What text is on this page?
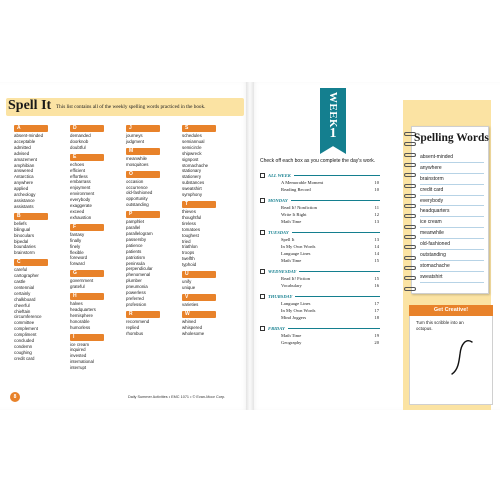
Spell It This list contains all of the weekly spelling words practiced in the book.
A
absent-minded
acceptable
admitted
advised
amazement
amphibian
answered
Antarctica
anywhere
applied
archeology
assistance
assistants
B
beliefs
bilingual
binoculars
bipedal
boundaries
brainstorm
C
careful
cartographer
castle
centennial
certainly
chalkboard
cheerful
chieftain
circumference
committee
complement
compliment
concluded
condemn
coughing
credit card
D
demanded
doorknob
doubtful
E
echoes
efficient
effortless
embarrass
enjoyment
environment
everybody
exaggerate
exceed
exhaustion
F
fantasy
finally
finely
flexible
foreword
forward
G
government
grateful
H
halves
headquarters
hemisphere
honorable
humorless
I
ice cream
inquired
invested
international
interrupt
J
journeys
judgment
M
meanwhile
mosquitoes
O
occasion
occurrence
old-fashioned
opportunity
outstanding
P
pamphlet
parallel
parallelogram
passersby
patience
patients
patriotism
peninsula
perpendicular
phenomenal
plumber
pneumonia
powerless
preferred
profession
R
recommend
replied
rhombus
S
schedules
semiannual
semicircle
shipwreck
signpost
stomachache
stationary
stationery
substances
sweatshirt
symphony
T
thieves
thoughtful
tireless
tomatoes
toughest
tried
triathlon
troops
twelfth
typhoid
U
unify
unique
V
varieties
W
whined
whispered
wholesome
8	Daily Summer Activities • EMC 1071 • © Evan-Moor Corp.
WEEK
1
Check off each box as you complete the day's work.
ALL WEEK
A Memorable Moment	10
Reading Record	10
MONDAY
Read It! Nonfiction	11
Write It Right	12
Math Time	13
TUESDAY
Spell It	13
In My Own Words	14
Language Lines	14
Math Time	15
WEDNESDAY
Read It! Fiction	15
Vocabulary	16
THURSDAY
Language Lines	17
In My Own Words	17
Mind Joggers	18
FRIDAY
Math Time	19
Geography	20
Spelling Words
absent-minded
anywhere
brainstorm
credit card
everybody
headquarters
ice cream
meanwhile
old-fashioned
outstanding
stomachache
sweatshirt
Get Creative!
Turn this scribble into an octopus.
